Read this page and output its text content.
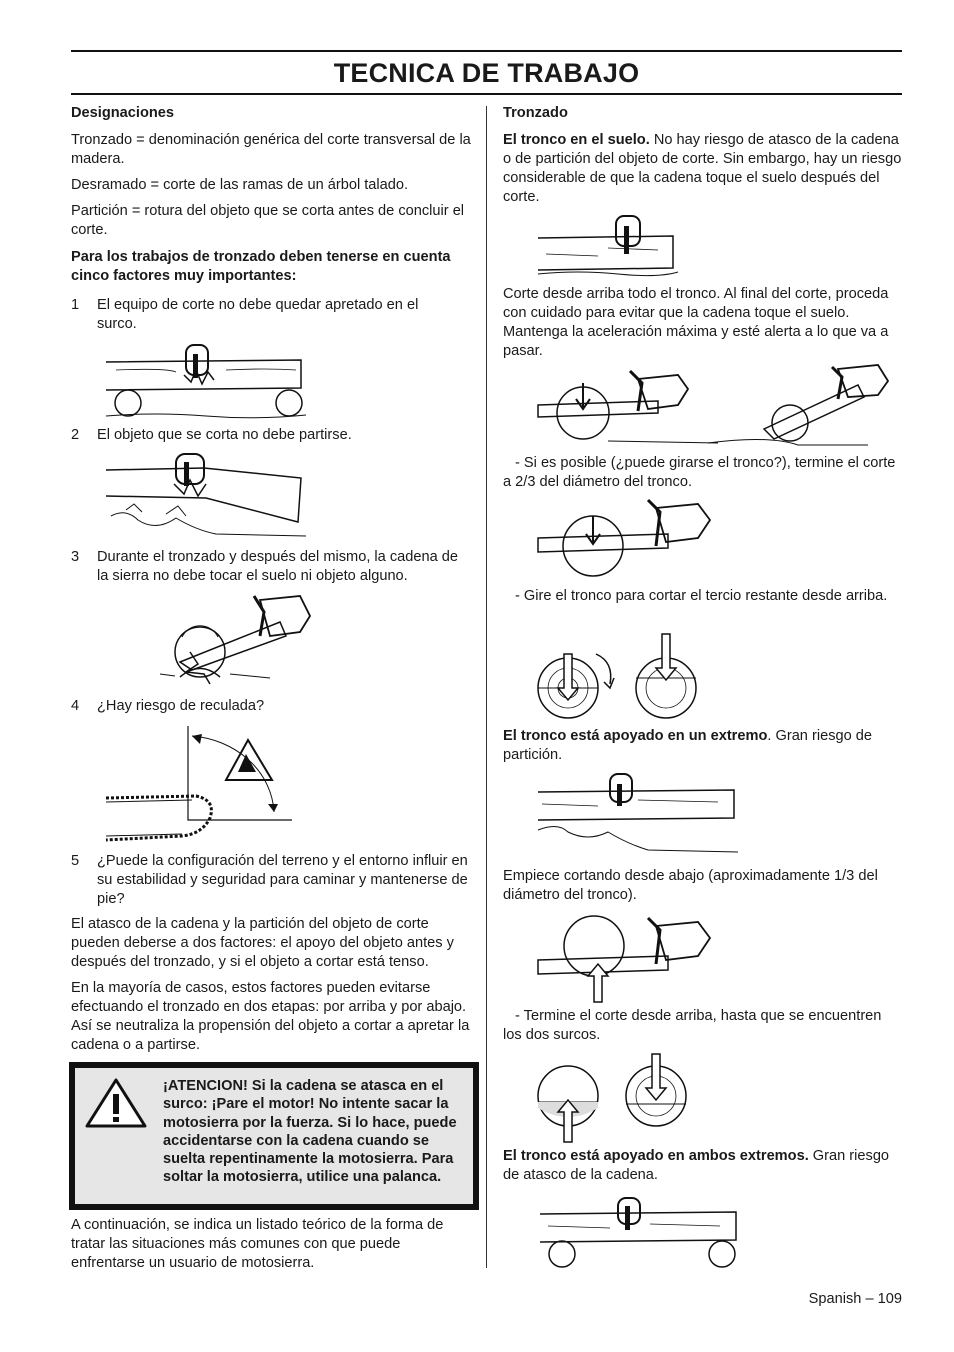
TECNICA DE TRABAJO
Designaciones
Tronzado = denominación genérica del corte transversal de la madera.
Desramado = corte de las ramas de un árbol talado.
Partición = rotura del objeto que se corta antes de concluir el corte.
Para los trabajos de tronzado deben tenerse en cuenta cinco factores muy importantes:
1 El equipo de corte no debe quedar apretado en el surco.
2 El objeto que se corta no debe partirse.
3 Durante el tronzado y después del mismo, la cadena de la sierra no debe tocar el suelo ni objeto alguno.
4 ¿Hay riesgo de reculada?
5 ¿Puede la configuración del terreno y el entorno influir en su estabilidad y seguridad para caminar y mantenerse de pie?
El atasco de la cadena y la partición del objeto de corte pueden deberse a dos factores: el apoyo del objeto antes y después del tronzado, y si el objeto a cortar está tenso.
En la mayoría de casos, estos factores pueden evitarse efectuando el tronzado en dos etapas: por arriba y por abajo. Así se neutraliza la propensión del objeto a cortar a apretar la cadena o a partirse.
¡ATENCION! Si la cadena se atasca en el surco: ¡Pare el motor! No intente sacar la motosierra por la fuerza. Si lo hace, puede accidentarse con la cadena cuando se suelta repentinamente la motosierra. Para soltar la motosierra, utilice una palanca.
A continuación, se indica un listado teórico de la forma de tratar las situaciones más comunes con que puede enfrentarse un usuario de motosierra.
Tronzado
El tronco en el suelo. No hay riesgo de atasco de la cadena o de partición del objeto de corte. Sin embargo, hay un riesgo considerable de que la cadena toque el suelo después del corte.
Corte desde arriba todo el tronco. Al final del corte, proceda con cuidado para evitar que la cadena toque el suelo. Mantenga la aceleración máxima y esté alerta a lo que va a pasar.
- Si es posible (¿puede girarse el tronco?), termine el corte a 2/3 del diámetro del tronco.
- Gire el tronco para cortar el tercio restante desde arriba.
El tronco está apoyado en un extremo. Gran riesgo de partición.
Empiece cortando desde abajo (aproximadamente 1/3 del diámetro del tronco).
- Termine el corte desde arriba, hasta que se encuentren los dos surcos.
El tronco está apoyado en ambos extremos. Gran riesgo de atasco de la cadena.
Spanish – 109
